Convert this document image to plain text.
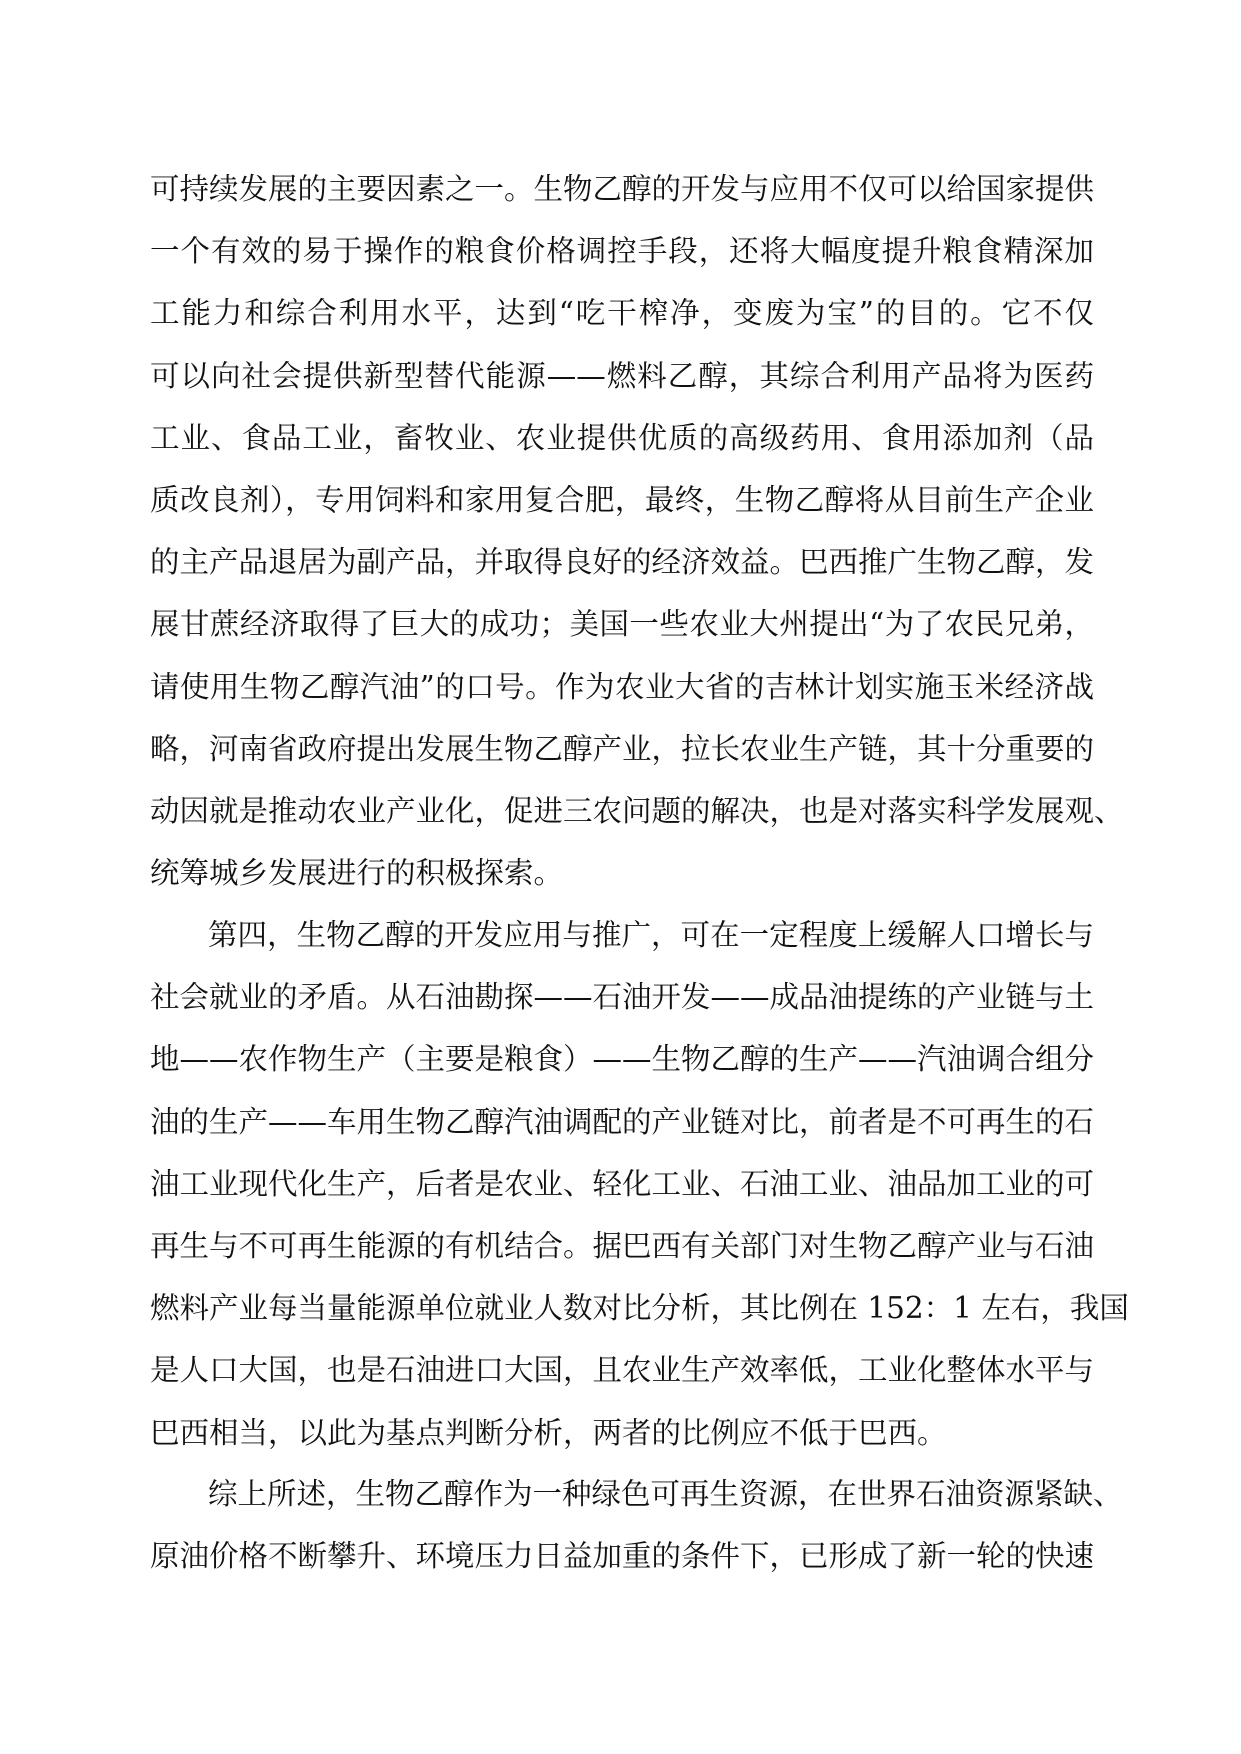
可持续发展的主要因素之一。生物乙醇的开发与应用不仅可以给国家提供
一个有效的易于操作的粮食价格调控手段，还将大幅度提升粮食精深加
工能力和综合利用水平，达到“吃干榨净，变废为宝”的目的。它不仅
可以向社会提供新型替代能源——燃料乙醇，其综合利用产品将为医药
工业、食品工业，畜牧业、农业提供优质的高级药用、食用添加剂（品
质改良剂），专用饲料和家用复合肥，最终，生物乙醇将从目前生产企业
的主产品退居为副产品，并取得良好的经济效益。巴西推广生物乙醇，发
展甘蔗经济取得了巨大的成功；美国一些农业大州提出“为了农民兄弟，
请使用生物乙醇汽油”的口号。作为农业大省的吉林计划实施玉米经济战
略，河南省政府提出发展生物乙醇产业，拉长农业生产链，其十分重要的
动因就是推动农业产业化，促进三农问题的解决，也是对落实科学发展观、
统筹城乡发展进行的积极探索。
第四，生物乙醇的开发应用与推广，可在一定程度上缓解人口增长与
社会就业的矛盾。从石油勘探——石油开发——成品油提练的产业链与土
地——农作物生产（主要是粮食）——生物乙醇的生产——汽油调合组分
油的生产——车用生物乙醇汽油调配的产业链对比，前者是不可再生的石
油工业现代化生产，后者是农业、轻化工业、石油工业、油品加工业的可
再生与不可再生能源的有机结合。据巴西有关部门对生物乙醇产业与石油
燃料产业每当量能源单位就业人数对比分析，其比例在 152：1 左右，我国
是人口大国，也是石油进口大国，且农业生产效率低，工业化整体水平与
巴西相当，以此为基点判断分析，两者的比例应不低于巴西。
综上所述，生物乙醇作为一种绿色可再生资源，在世界石油资源紧缺、
原油价格不断攀升、环境压力日益加重的条件下，已形成了新一轮的快速
